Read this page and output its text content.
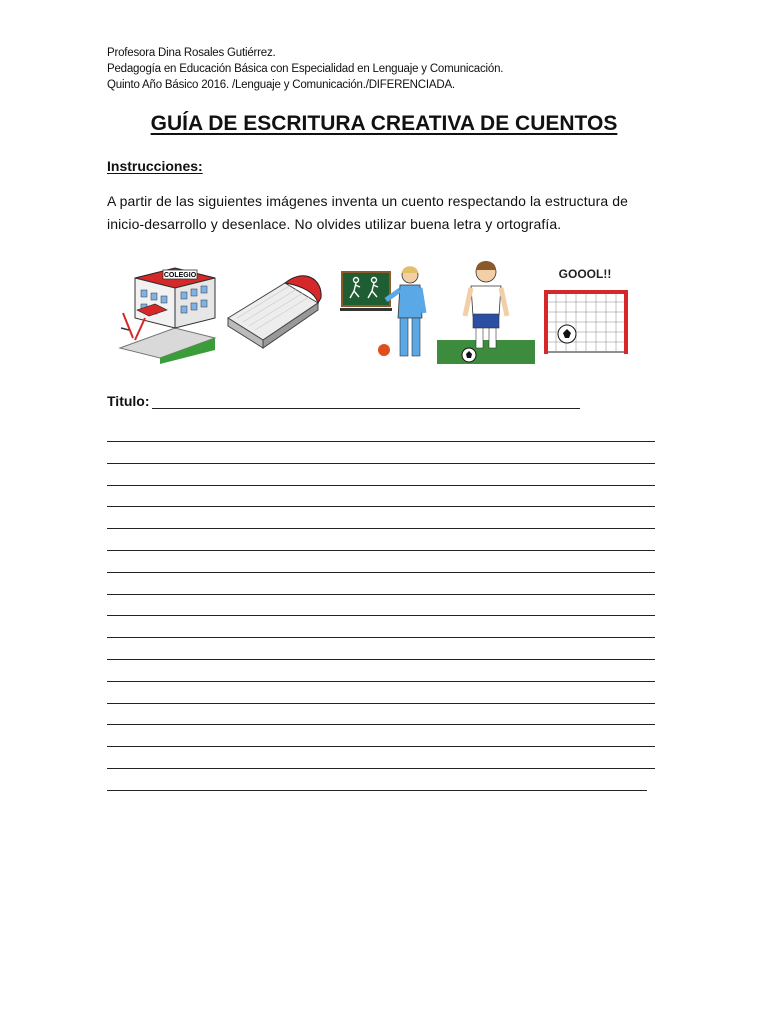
Profesora Dina Rosales Gutiérrez.
Pedagogía en Educación Básica con Especialidad en Lenguaje y Comunicación.
Quinto Año Básico 2016. /Lenguaje y Comunicación./DIFERENCIADA.
GUÍA DE ESCRITURA CREATIVA DE CUENTOS
Instrucciones:
A partir de las siguientes imágenes inventa un cuento respectando la estructura de inicio-desarrollo y desenlace. No olvides utilizar buena letra y ortografía.
COLEGIO	GOOOL!!
Titulo:
